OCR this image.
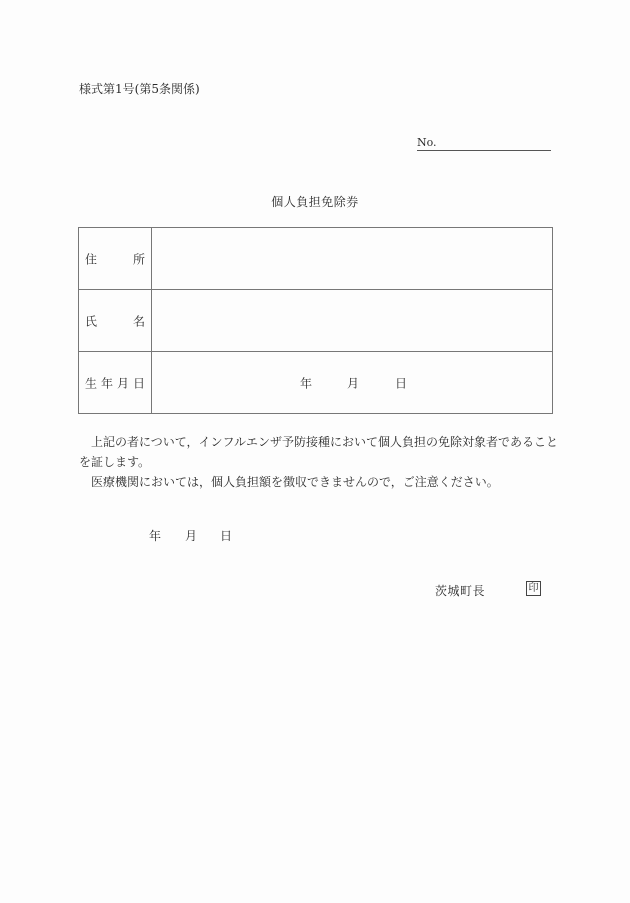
様式第1号(第5条関係)
No.
個人負担免除券
住 所	

氏 名	

生 年 月 日	年 月 日

上記の者について，インフルエンザ予防接種において個人負担の免除対象者であることを証します。

医療機関においては，個人負担額を徴収できませんので，ご注意ください。

年 月 日
茨城町長	印
